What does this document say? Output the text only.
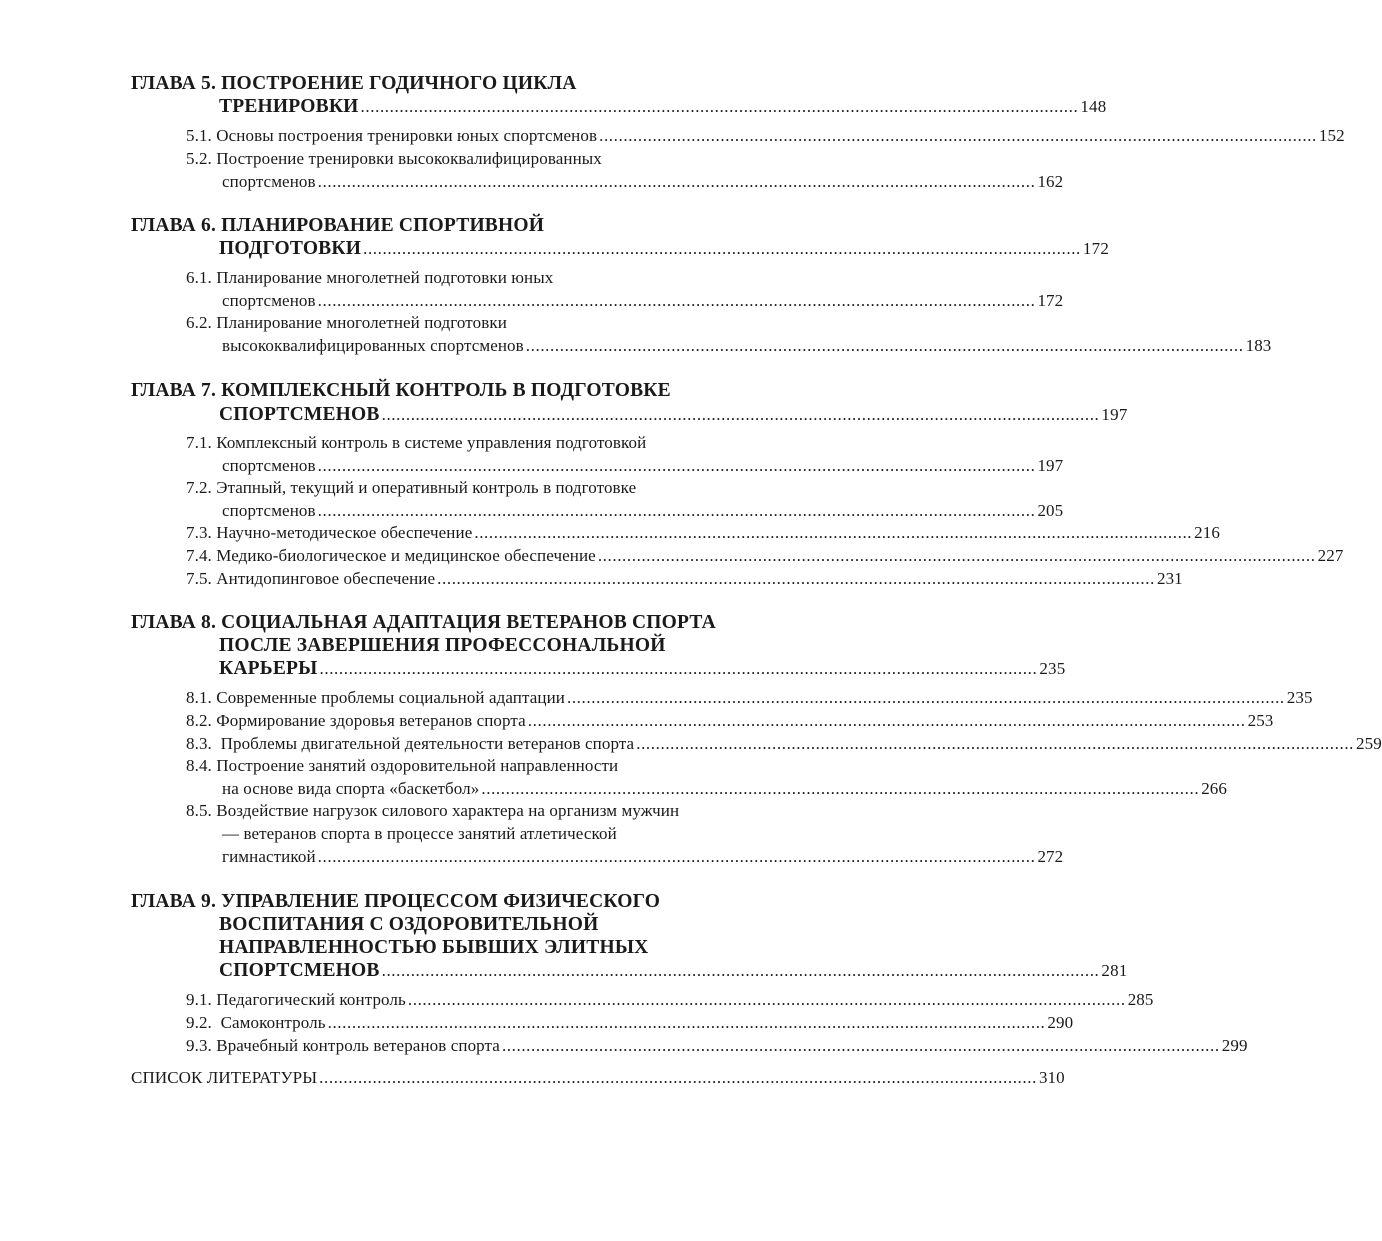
ГЛАВА 5. ПОСТРОЕНИЕ ГОДИЧНОГО ЦИКЛА
ТРЕНИРОВКИ .................................................................................................................................................... 148
5.1. Основы построения тренировки юных спортсменов .................................................................................................................................................... 152
5.2. Построение тренировки высококвалифицированных
спортсменов .................................................................................................................................................... 162
ГЛАВА 6. ПЛАНИРОВАНИЕ СПОРТИВНОЙ
ПОДГОТОВКИ .................................................................................................................................................... 172
6.1. Планирование многолетней подготовки юных
спортсменов .................................................................................................................................................... 172
6.2. Планирование многолетней подготовки
высококвалифицированных спортсменов .................................................................................................................................................... 183
ГЛАВА 7. КОМПЛЕКСНЫЙ КОНТРОЛЬ В ПОДГОТОВКЕ
СПОРТСМЕНОВ .................................................................................................................................................... 197
7.1. Комплексный контроль в системе управления подготовкой
спортсменов .................................................................................................................................................... 197
7.2. Этапный, текущий и оперативный контроль в подготовке
спортсменов .................................................................................................................................................... 205
7.3. Научно-методическое обеспечение .................................................................................................................................................... 216
7.4. Медико-биологическое и медицинское обеспечение .................................................................................................................................................... 227
7.5. Антидопинговое обеспечение .................................................................................................................................................... 231
ГЛАВА 8. СОЦИАЛЬНАЯ АДАПТАЦИЯ ВЕТЕРАНОВ СПОРТА
ПОСЛЕ ЗАВЕРШЕНИЯ ПРОФЕССОНАЛЬНОЙ
КАРЬЕРЫ .................................................................................................................................................... 235
8.1. Современные проблемы социальной адаптации .................................................................................................................................................... 235
8.2. Формирование здоровья ветеранов спорта .................................................................................................................................................... 253
8.3.  Проблемы двигательной деятельности ветеранов спорта .................................................................................................................................................... 259
8.4. Построение занятий оздоровительной направленности
на основе вида спорта «баскетбол» .................................................................................................................................................... 266
8.5. Воздействие нагрузок силового характера на организм мужчин
— ветеранов спорта в процессе занятий атлетической
гимнастикой .................................................................................................................................................... 272
ГЛАВА 9. УПРАВЛЕНИЕ ПРОЦЕССОМ ФИЗИЧЕСКОГО
ВОСПИТАНИЯ С ОЗДОРОВИТЕЛЬНОЙ
НАПРАВЛЕННОСТЬЮ БЫВШИХ ЭЛИТНЫХ
СПОРТСМЕНОВ .................................................................................................................................................... 281
9.1. Педагогический контроль .................................................................................................................................................... 285
9.2.  Самоконтроль .................................................................................................................................................... 290
9.3. Врачебный контроль ветеранов спорта .................................................................................................................................................... 299
СПИСОК ЛИТЕРАТУРЫ .................................................................................................................................................... 310
